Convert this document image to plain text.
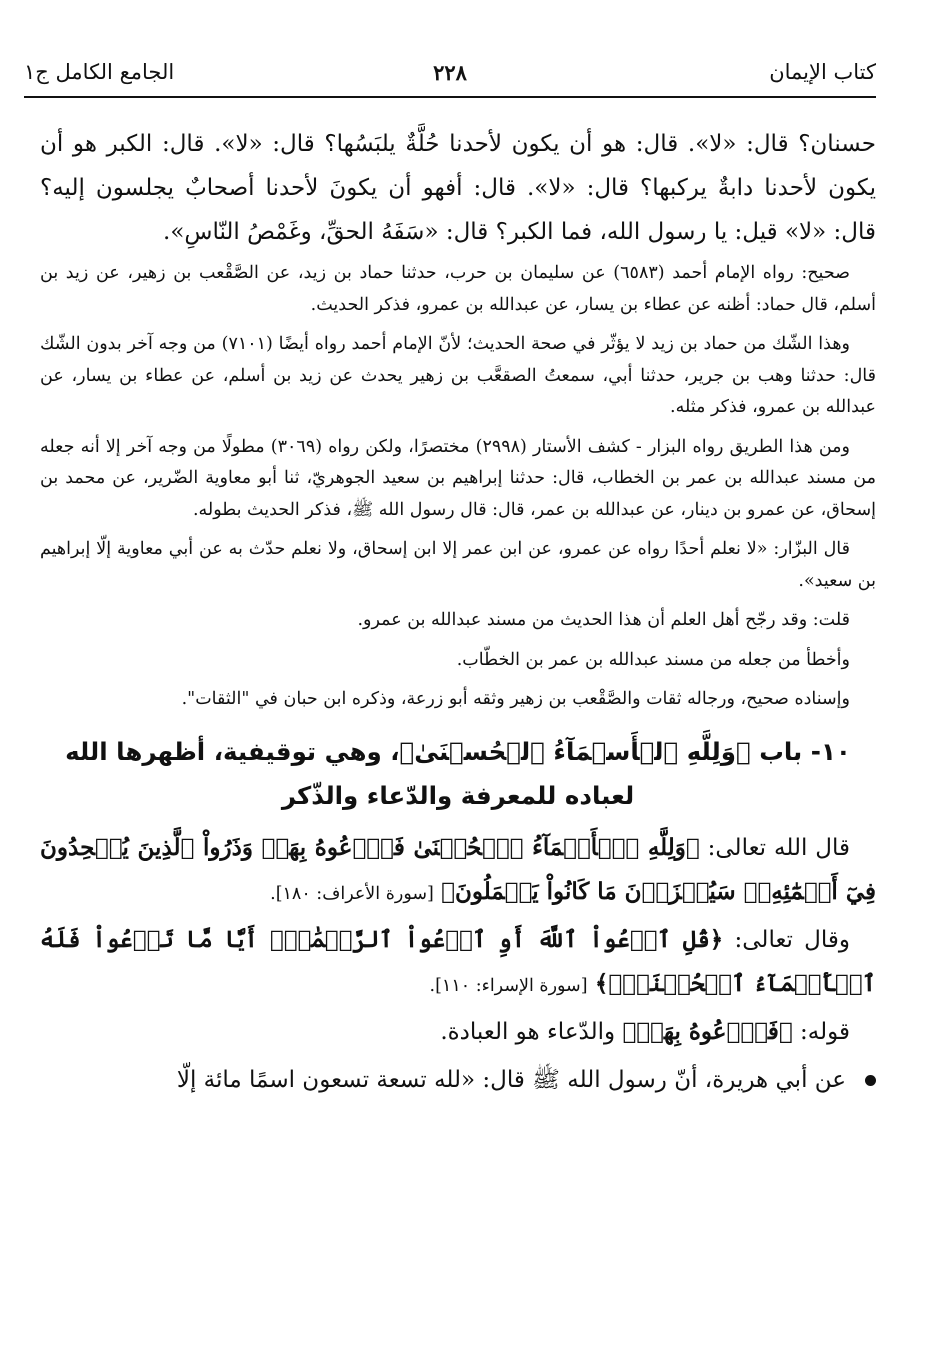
كتاب الإيمان
٢٢٨
الجامع الكامل ج١

حسنان؟ قال: «لا». قال: هو أن يكون لأحدنا حُلَّةٌ يلبَسُها؟ قال: «لا». قال: الكبر هو أن يكون لأحدنا دابةٌ يركبها؟ قال: «لا». قال: أفهو أن يكونَ لأحدنا أصحابٌ يجلسون إليه؟ قال: «لا» قيل: يا رسول الله، فما الكبر؟ قال: «سَفَهُ الحقِّ، وغَمْصُ النّاسِ».

صحيح: رواه الإمام أحمد (٦٥٨٣) عن سليمان بن حرب، حدثنا حماد بن زيد، عن الصَّقْعب بن زهير، عن زيد بن أسلم، قال حماد: أظنه عن عطاء بن يسار، عن عبدالله بن عمرو، فذكر الحديث.

وهذا الشّك من حماد بن زيد لا يؤثّر في صحة الحديث؛ لأنّ الإمام أحمد رواه أيضًا (٧١٠١) من وجه آخر بدون الشّك قال: حدثنا وهب بن جرير، حدثنا أبي، سمعتُ الصقعَّب بن زهير يحدث عن زيد بن أسلم، عن عطاء بن يسار، عن عبدالله بن عمرو، فذكر مثله.

ومن هذا الطريق رواه البزار - كشف الأستار (٢٩٩٨) مختصرًا، ولكن رواه (٣٠٦٩) مطولًا من وجه آخر إلا أنه جعله من مسند عبدالله بن عمر بن الخطاب، قال: حدثنا إبراهيم بن سعيد الجوهريّ، ثنا أبو معاوية الضّرير، عن محمد بن إسحاق، عن عمرو بن دينار، عن عبدالله بن عمر، قال: قال رسول الله ﷺ، فذكر الحديث بطوله.

قال البزّار: «لا نعلم أحدًا رواه عن عمرو، عن ابن عمر إلا ابن إسحاق، ولا نعلم حدّث به عن أبي معاوية إلّا إبراهيم بن سعيد».

قلت: وقد رجّح أهل العلم أن هذا الحديث من مسند عبدالله بن عمرو.

وأخطأ من جعله من مسند عبدالله بن عمر بن الخطّاب.

وإسناده صحيح، ورجاله ثقات والصَّقْعب بن زهير وثقه أبو زرعة، وذكره ابن حبان في "الثقات".

١٠- باب ﴿وَلِلَّهِ ٱلۡأَسۡمَآءُ ٱلۡحُسۡنَىٰ﴾، وهي توقيفية، أظهرها الله لعباده للمعرفة والدّعاء والذّكر

قال الله تعالى: ﴿وَلِلَّهِ ٱلۡأَسۡمَآءُ ٱلۡحُسۡنَىٰ فَٱدۡعُوهُ بِهَاۖ وَذَرُواْ ٱلَّذِينَ يُلۡحِدُونَ فِيٓ أَسۡمَٰٓئِهِۦۚ سَيُجۡزَوۡنَ مَا كَانُواْ يَعۡمَلُونَ﴾ [سورة الأعراف: ١٨٠].

وقال تعالى: ﴿قُلِ ٱدۡعُواْ ٱللَّهَ أَوِ ٱدۡعُواْ ٱلرَّحۡمَٰنَۖ أَيّٗا مَّا تَدۡعُواْ فَلَهُ ٱلۡأَسۡمَآءُ ٱلۡحُسۡنَىٰۚ﴾ [سورة الإسراء: ١١٠].

قوله: ﴿فَٱدۡعُوهُ بِهَاۖ﴾ والدّعاء هو العبادة.

عن أبي هريرة، أنّ رسول الله ﷺ قال: «لله تسعة تسعون اسمًا مائة إلّا
